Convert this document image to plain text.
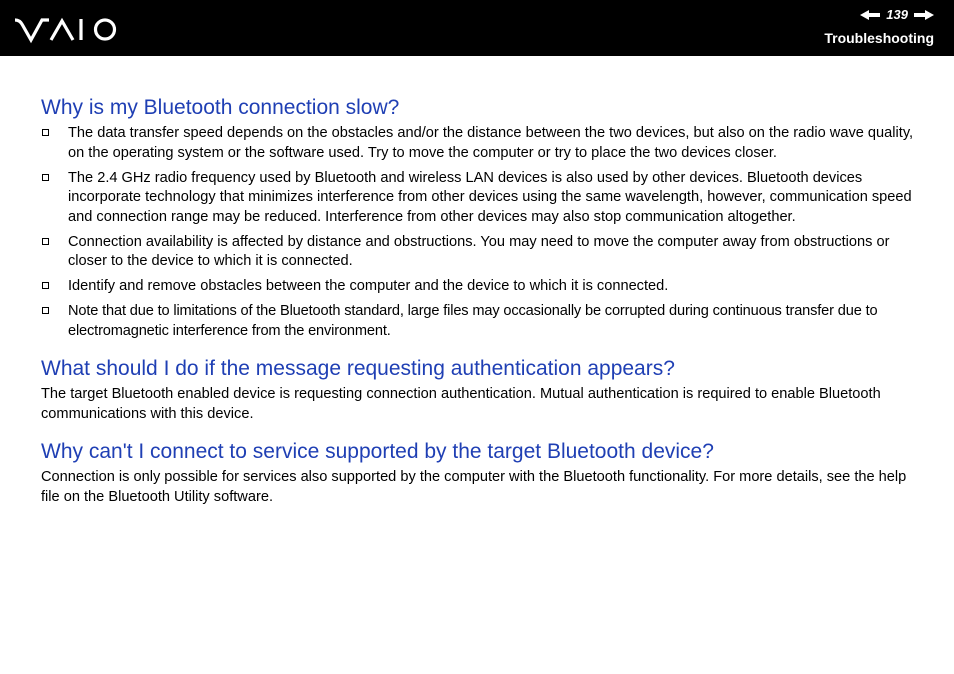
139
Troubleshooting
Why is my Bluetooth connection slow?
The data transfer speed depends on the obstacles and/or the distance between the two devices, but also on the radio wave quality, on the operating system or the software used. Try to move the computer or try to place the two devices closer.
The 2.4 GHz radio frequency used by Bluetooth and wireless LAN devices is also used by other devices. Bluetooth devices incorporate technology that minimizes interference from other devices using the same wavelength, however, communication speed and connection range may be reduced. Interference from other devices may also stop communication altogether.
Connection availability is affected by distance and obstructions. You may need to move the computer away from obstructions or closer to the device to which it is connected.
Identify and remove obstacles between the computer and the device to which it is connected.
Note that due to limitations of the Bluetooth standard, large files may occasionally be corrupted during continuous transfer due to electromagnetic interference from the environment.
What should I do if the message requesting authentication appears?

The target Bluetooth enabled device is requesting connection authentication. Mutual authentication is required to enable Bluetooth communications with this device.

Why can't I connect to service supported by the target Bluetooth device?

Connection is only possible for services also supported by the computer with the Bluetooth functionality. For more details, see the help file on the Bluetooth Utility software.
